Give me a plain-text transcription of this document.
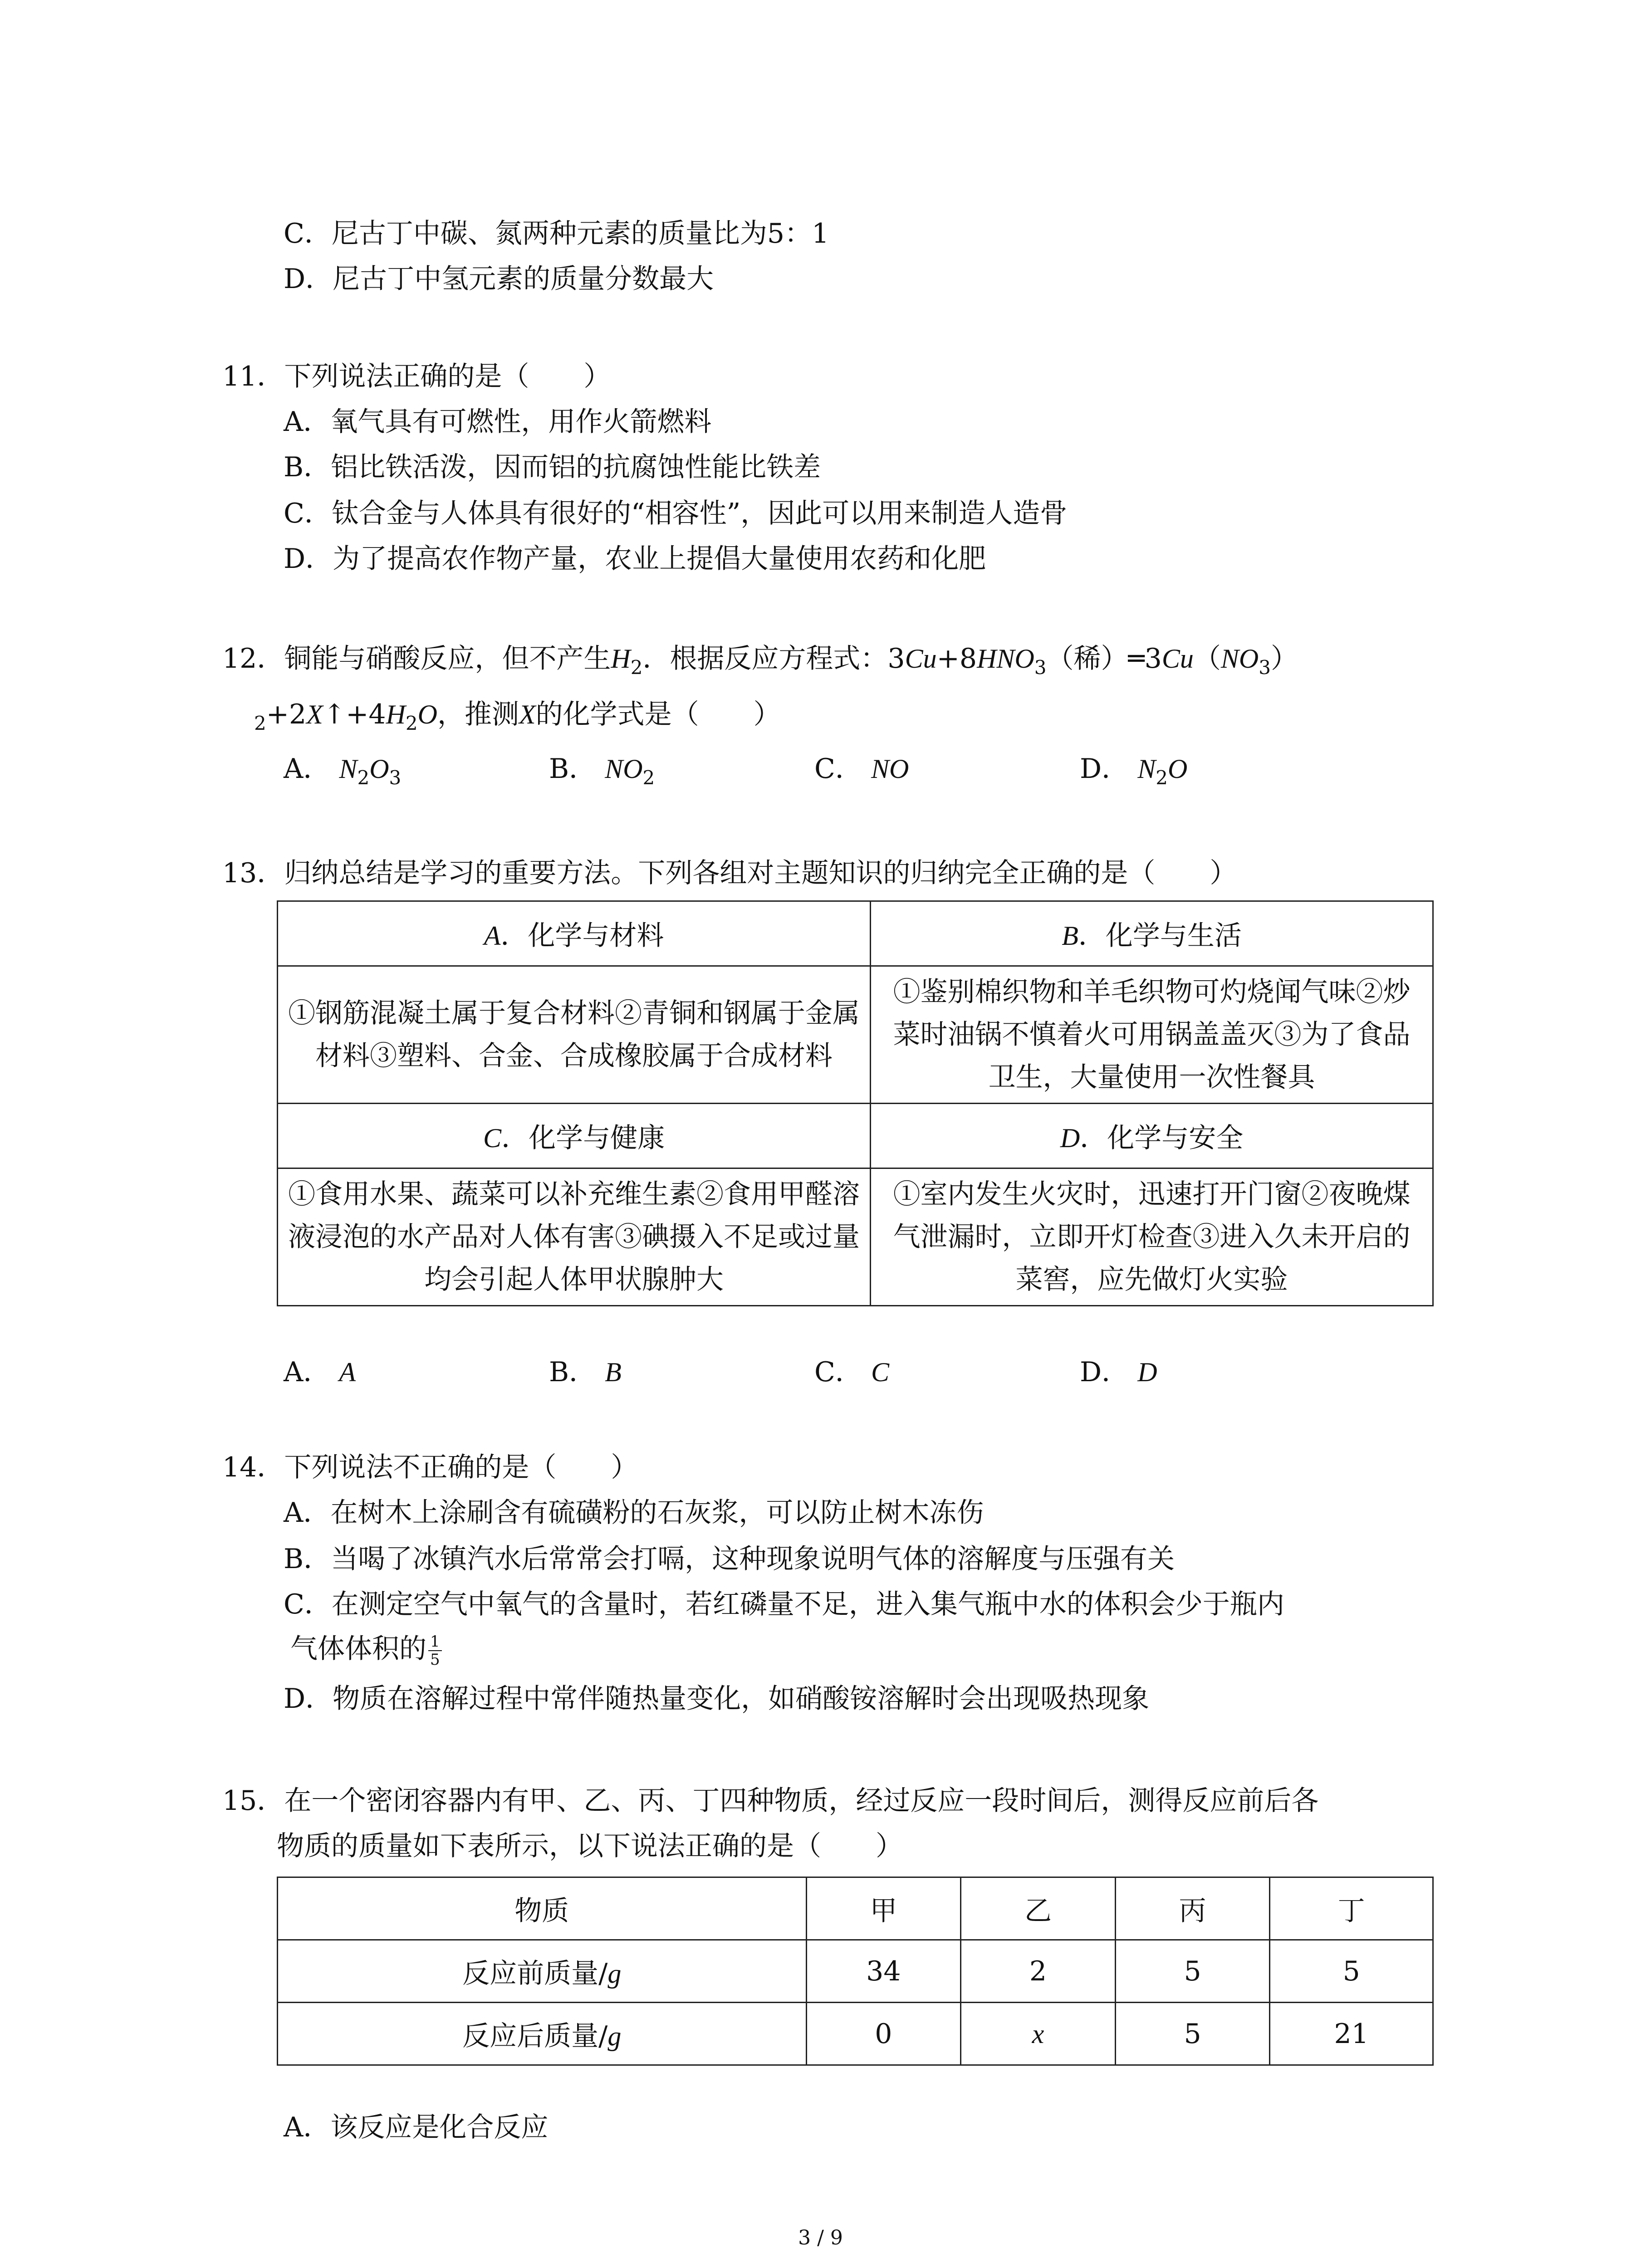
C．尼古丁中碳、氮两种元素的质量比为5：1
D．尼古丁中氢元素的质量分数最大
11．下列说法正确的是（　　）
A．氧气具有可燃性，用作火箭燃料
B．铝比铁活泼，因而铝的抗腐蚀性能比铁差
C．钛合金与人体具有很好的“相容性”，因此可以用来制造人造骨
D．为了提高农作物产量，农业上提倡大量使用农药和化肥
12．铜能与硝酸反应，但不产生$H_2$．根据反应方程式：$3Cu+8HNO_3$（稀）$═3Cu(NO_3)$
$_2+2X↑+4H_2O$，推测X的化学式是（　　）
A． $N_2O_3$	B． $NO_2$	C． NO	D． $N_2O$
13．归纳总结是学习的重要方法。下列各组对主题知识的归纳完全正确的是（　　）
A．化学与材料	B．化学与生活
①钢筋混凝土属于复合材料②青铜和钢属于金属材料③塑料、合金、合成橡胶属于合成材料	①鉴别棉织物和羊毛织物可灼烧闻气味②炒菜时油锅不慎着火可用锅盖盖灭③为了食品卫生，大量使用一次性餐具
C．化学与健康	D．化学与安全
①食用水果、蔬菜可以补充维生素②食用甲醛溶液浸泡的水产品对人体有害③碘摄入不足或过量均会引起人体甲状腺肿大	①室内发生火灾时，迅速打开门窗②夜晚煤气泄漏时，立即开灯检查③进入久未开启的菜窖，应先做灯火实验
A． A	B． B	C． C	D． D
14．下列说法不正确的是（　　）
A．在树木上涂刷含有硫磺粉的石灰浆，可以防止树木冻伤
B．当喝了冰镇汽水后常常会打嗝，这种现象说明气体的溶解度与压强有关
C．在测定空气中氧气的含量时，若红磷量不足，进入集气瓶中水的体积会少于瓶内
气体体积的 $\frac{1}{5}$
D．物质在溶解过程中常伴随热量变化，如硝酸铵溶解时会出现吸热现象
15．在一个密闭容器内有甲、乙、丙、丁四种物质，经过反应一段时间后，测得反应前后各
物质的质量如下表所示，以下说法正确的是（　　）
物质	甲	乙	丙	丁
反应前质量/g	34	2	5	5
反应后质量/g	0	x	5	21
A．该反应是化合反应
3 / 9
